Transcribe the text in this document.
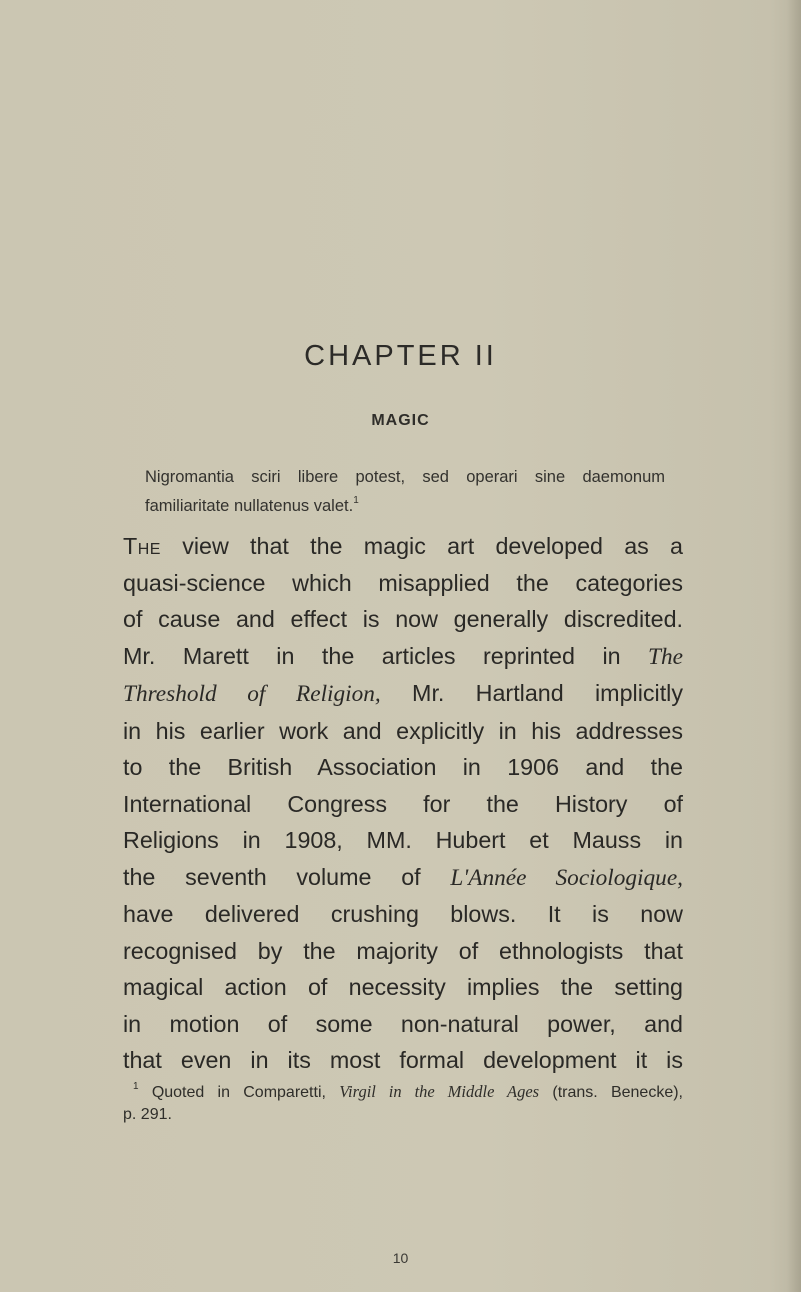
CHAPTER II
MAGIC
Nigromantia sciri libere potest, sed operari sine daemonum
familiaritate nullatenus valet.$^1$
The view that the magic art developed as a
quasi-science which misapplied the categories
of cause and effect is now generally discredited.
Mr. Marett in the articles reprinted in The
Threshold of Religion, Mr. Hartland implicitly
in his earlier work and explicitly in his addresses
to the British Association in 1906 and the
International Congress for the History of
Religions in 1908, MM. Hubert et Mauss in
the seventh volume of L'Année Sociologique,
have delivered crushing blows. It is now
recognised by the majority of ethnologists that
magical action of necessity implies the setting
in motion of some non-natural power, and
that even in its most formal development it is
$^1$ Quoted in Comparetti, Virgil in the Middle Ages (trans. Benecke),
p. 291.
10
